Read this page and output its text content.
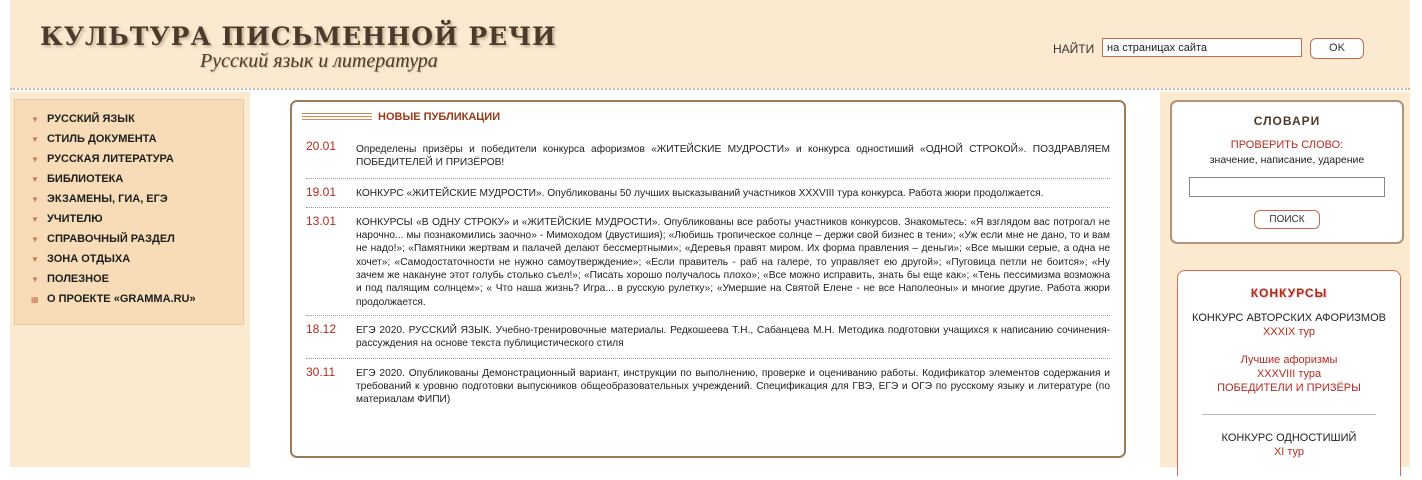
КУЛЬТУРА ПИСЬМЕННОЙ РЕЧИ
Русский язык и литература
НАЙТИ
на страницах сайта	OK
▼ РУССКИЙ ЯЗЫК
▼ СТИЛЬ ДОКУМЕНТА
▼ РУССКАЯ ЛИТЕРАТУРА
▼ БИБЛИОТЕКА
▼ ЭКЗАМЕНЫ, ГИА, ЕГЭ
▼ УЧИТЕЛЮ
▼ СПРАВОЧНЫЙ РАЗДЕЛ
▼ ЗОНА ОТДЫХА
▼ ПОЛЕЗНОЕ
▦ О ПРОЕКТЕ «GRAMMA.RU»
НОВЫЕ ПУБЛИКАЦИИ
20.01 Определены призёры и победители конкурса афоризмов «ЖИТЕЙСКИЕ МУДРОСТИ» и конкурса одностиший «ОДНОЙ СТРОКОЙ». ПОЗДРАВЛЯЕМ ПОБЕДИТЕЛЕЙ И ПРИЗЁРОВ!
19.01 КОНКУРС «ЖИТЕЙСКИЕ МУДРОСТИ». Опубликованы 50 лучших высказываний участников XXXVIII тура конкурса. Работа жюри продолжается.
13.01 КОНКУРСЫ «В ОДНУ СТРОКУ» и «ЖИТЕЙСКИЕ МУДРОСТИ». Опубликованы все работы участников конкурсов. Знакомьтесь: «Я взглядом вас потрогал не нарочно... мы познакомились заочно» - Мимоходом (двустишия); «Любишь тропическое солнце – держи свой бизнес в тени»; «Уж если мне не дано, то и вам не надо!»; «Памятники жертвам и палачей делают бессмертными»; «Деревья правят миром. Их форма правления – деньги»; «Все мышки серые, а одна не хочет»; «Самодостаточности не нужно самоутверждение»; «Если правитель - раб на галере, то управляет ею другой»; «Пуговица петли не боится»; «Ну зачем же накануне этот голубь столько съел!»; «Писать хорошо получалось плохо»; «Все можно исправить, знать бы еще как»; «Тень пессимизма возможна и под палящим солнцем»; « Что наша жизнь? Игра... в русскую рулетку»; «Умершие на Святой Елене - не все Наполеоны» и многие другие. Работа жюри продолжается.
18.12 ЕГЭ 2020. РУССКИЙ ЯЗЫК. Учебно-тренировочные материалы. Редкошеева Т.Н., Сабанцева М.Н. Методика подготовки учащихся к написанию сочинения-рассуждения на основе текста публицистического стиля
30.11 ЕГЭ 2020. Опубликованы Демонстрационный вариант, инструкции по выполнению, проверке и оцениванию работы. Кодификатор элементов содержания и требований к уровню подготовки выпускников общеобразовательных учреждений. Спецификация для ГВЭ, ЕГЭ и ОГЭ по русскому языку и литературе (по материалам ФИПИ)
СЛОВАРИ
ПРОВЕРИТЬ СЛОВО:
значение, написание, ударение
ПОИСК
КОНКУРСЫ
КОНКУРС АВТОРСКИХ АФОРИЗМОВ
XXXIX тур
Лучшие афоризмы
XXXVIII тура
ПОБЕДИТЕЛИ И ПРИЗЁРЫ
КОНКУРС ОДНОСТИШИЙ
XI тур
